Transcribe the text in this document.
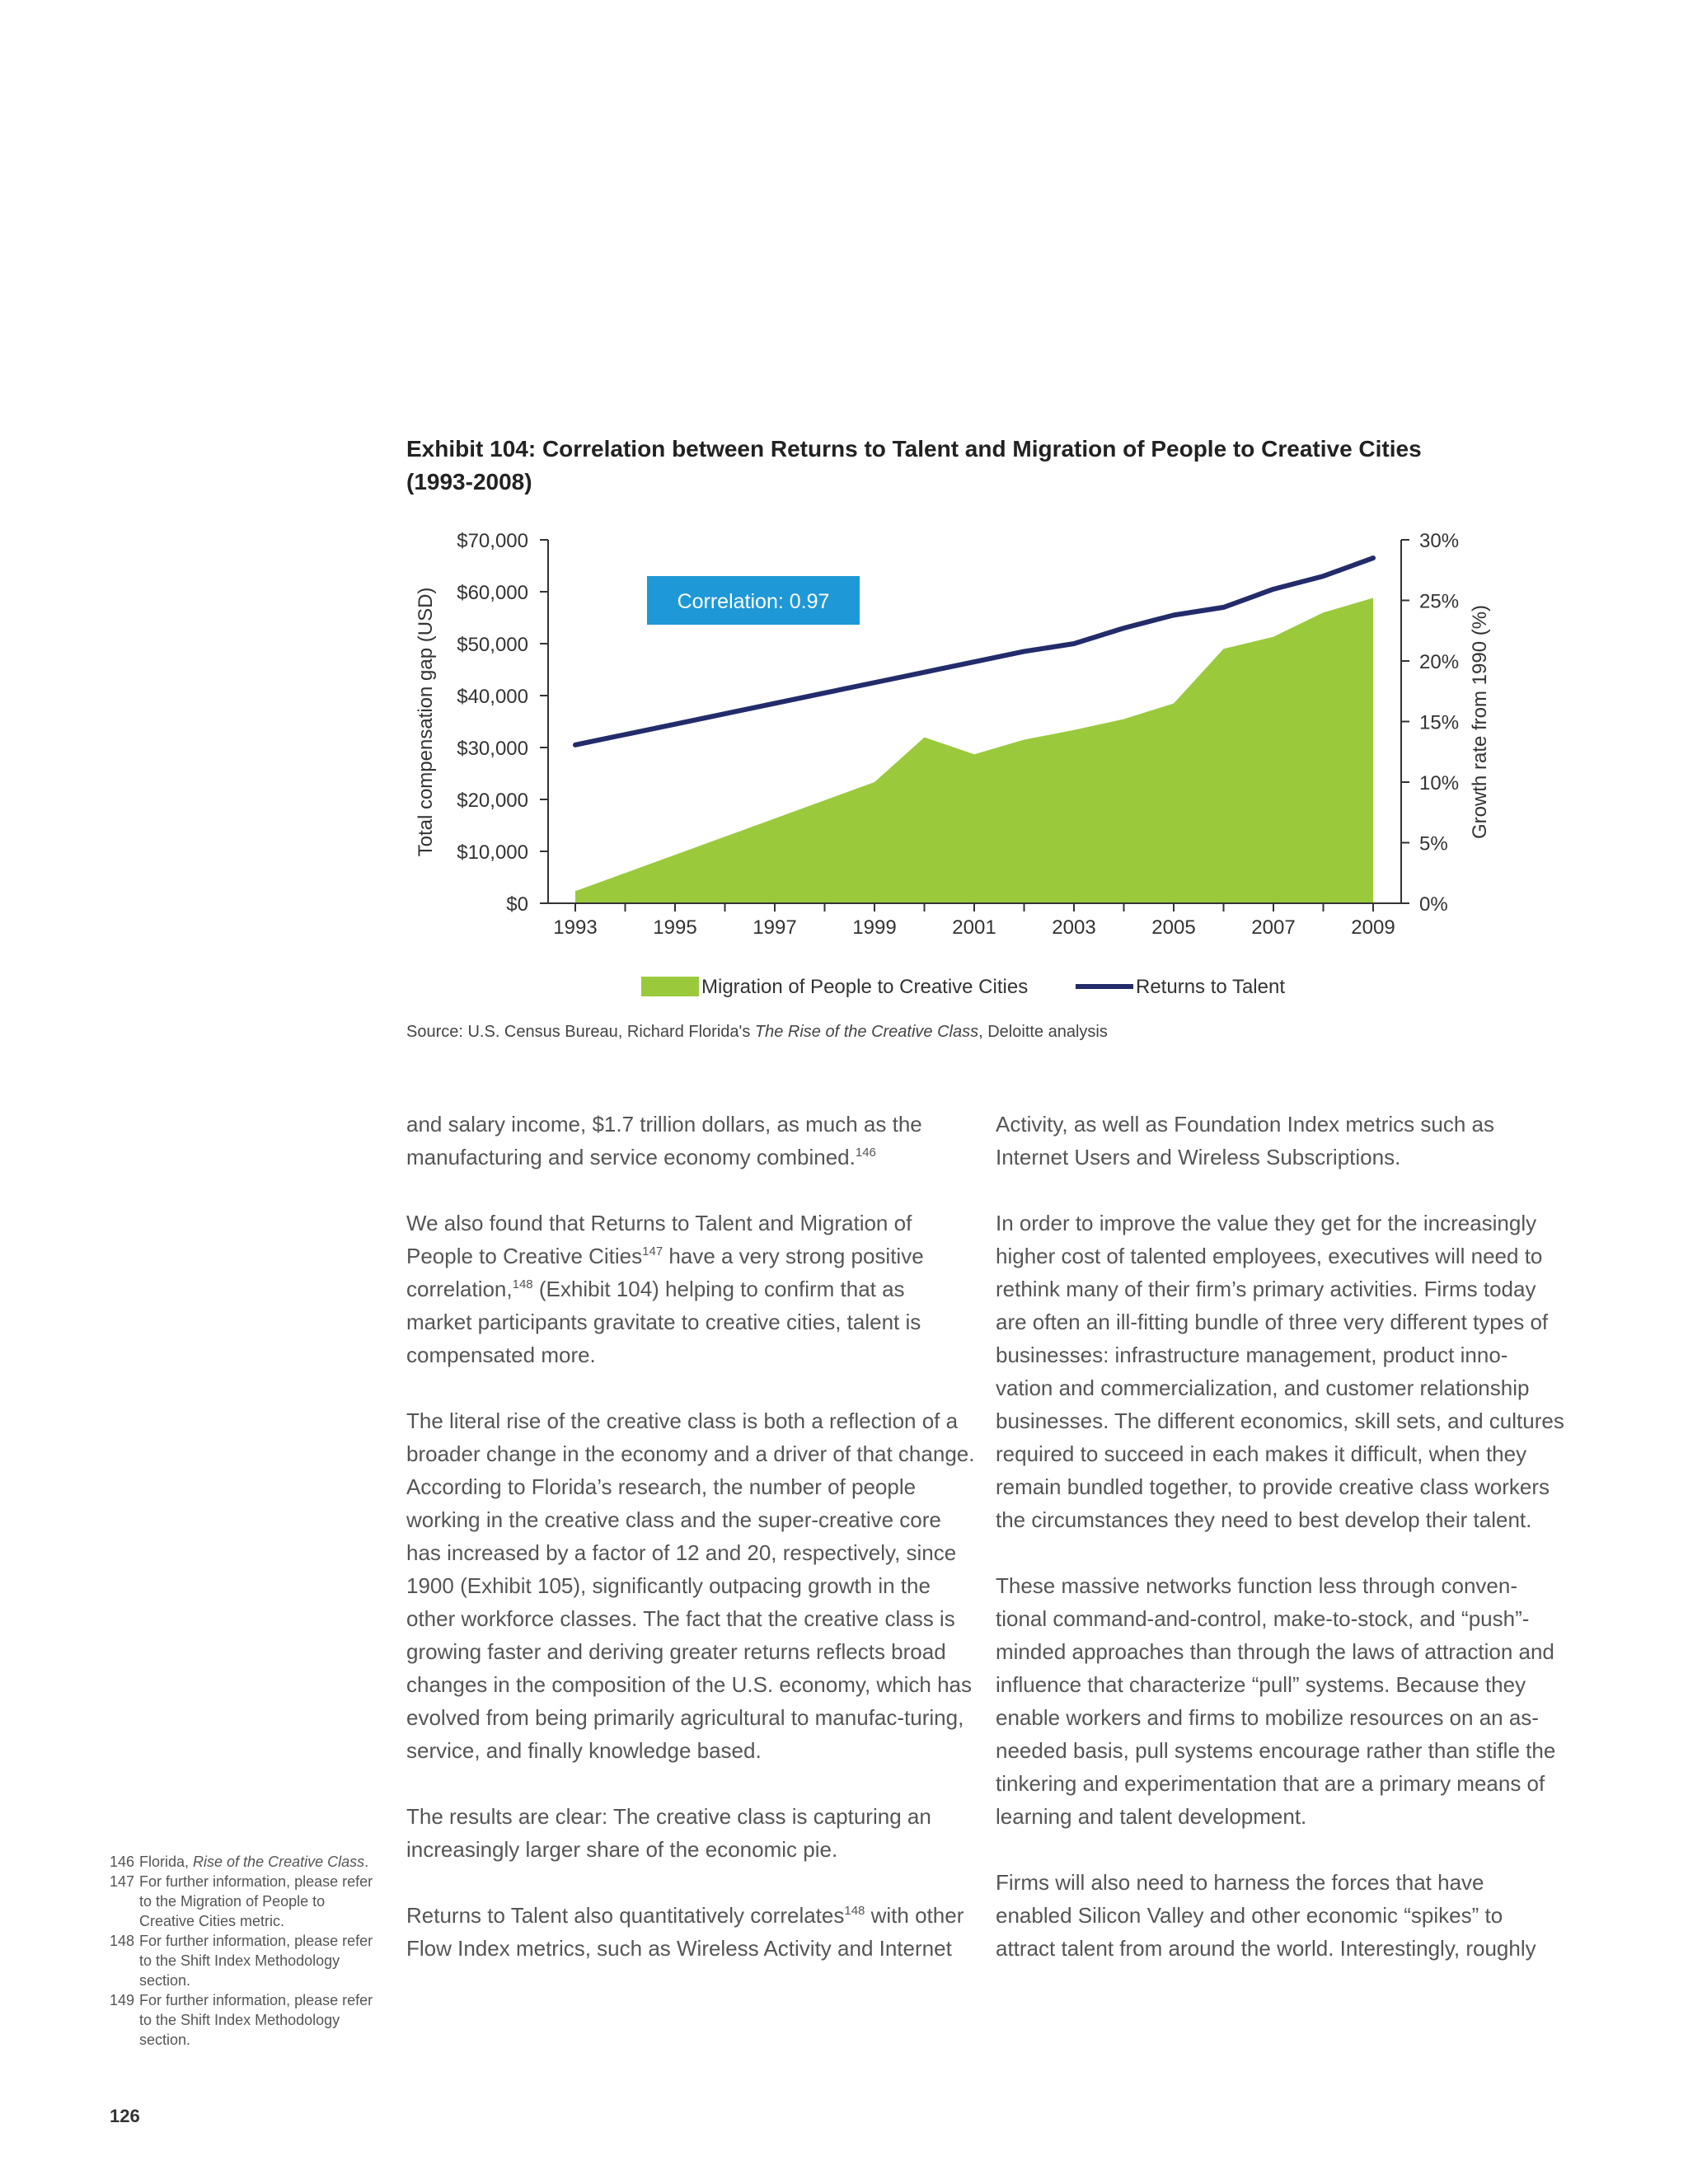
Exhibit 104: Correlation between Returns to Talent and Migration of People to Creative Cities
(1993-2008)
$0
$10,000
$20,000
$30,000
$40,000
$50,000
$60,000
$70,000
0%
5%
10%
15%
20%
25%
30%
1993	1995	1997	1999	2001	2003	2005	2007	2009
Total compensation gap (USD)	Growth rate from 1990 (%)
Correlation: 0.97
Migration of People to Creative Cities	Returns to Talent
Source: U.S. Census Bureau, Richard Florida's The Rise of the Creative Class, Deloitte analysis

and salary income, $1.7 trillion dollars, as much as the manufacturing and service economy combined.$^{146}$

We also found that Returns to Talent and Migration of People to Creative Cities$^{147}$ have a very strong positive correlation,$^{148}$ (Exhibit 104) helping to confirm that as market participants gravitate to creative cities, talent is compensated more.

The literal rise of the creative class is both a reflection of a broader change in the economy and a driver of that change. According to Florida’s research, the number of people working in the creative class and the super-creative core has increased by a factor of 12 and 20, respectively, since 1900 (Exhibit 105), significantly outpacing growth in the other workforce classes. The fact that the creative class is growing faster and deriving greater returns reflects broad changes in the composition of the U.S. economy, which has evolved from being primarily agricultural to manufac-turing, service, and finally knowledge based.

The results are clear: The creative class is capturing an increasingly larger share of the economic pie.

Returns to Talent also quantitatively correlates$^{148}$ with other Flow Index metrics, such as Wireless Activity and Internet

Activity, as well as Foundation Index metrics such as Internet Users and Wireless Subscriptions.

In order to improve the value they get for the increasingly higher cost of talented employees, executives will need to rethink many of their firm’s primary activities. Firms today are often an ill-fitting bundle of three very different types of businesses: infrastructure management, product inno-vation and commercialization, and customer relationship businesses. The different economics, skill sets, and cultures required to succeed in each makes it difficult, when they remain bundled together, to provide creative class workers the circumstances they need to best develop their talent.

These massive networks function less through conven-tional command-and-control, make-to-stock, and “push”-minded approaches than through the laws of attraction and influence that characterize “pull” systems. Because they enable workers and firms to mobilize resources on an as-needed basis, pull systems encourage rather than stifle the tinkering and experimentation that are a primary means of learning and talent development.

Firms will also need to harness the forces that have enabled Silicon Valley and other economic “spikes” to attract talent from around the world. Interestingly, roughly

146 Florida, Rise of the Creative Class.
147 For further information, please refer to the Migration of People to Creative Cities metric.
148 For further information, please refer to the Shift Index Methodology section.
149 For further information, please refer to the Shift Index Methodology section.
126
